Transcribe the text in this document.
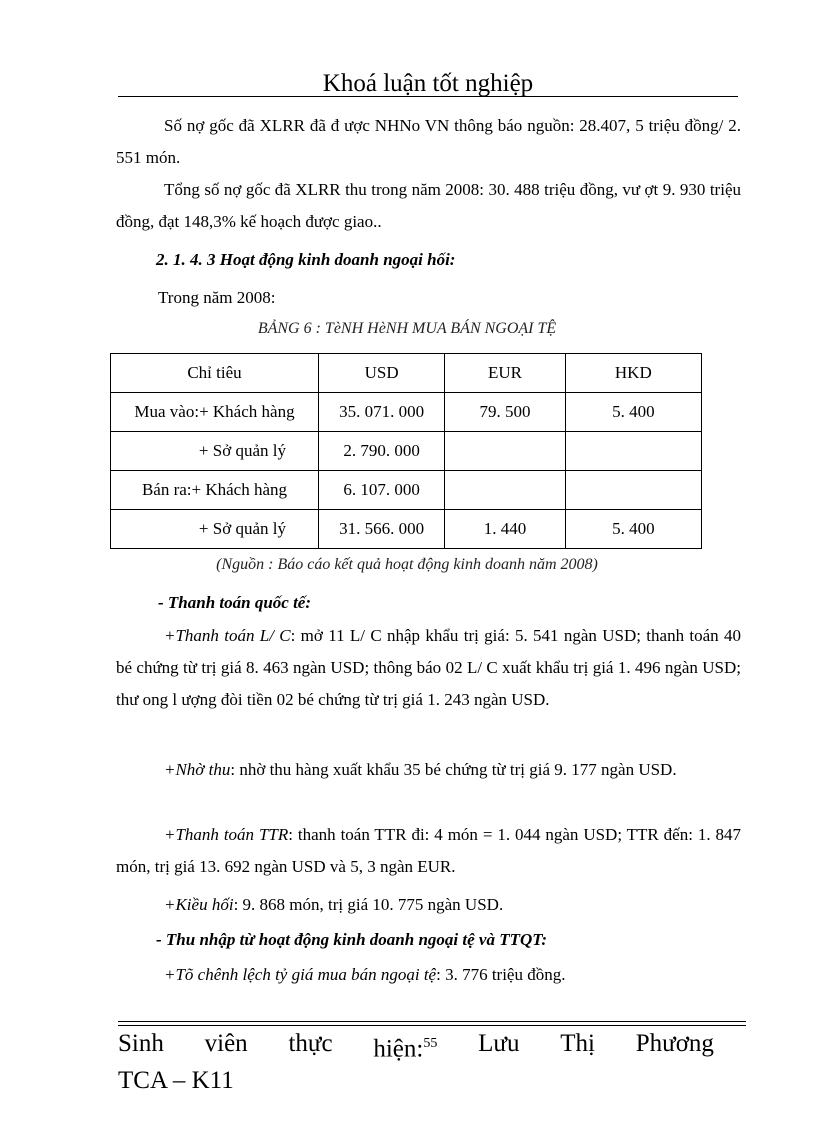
Khoá luận tốt nghiệp

Số nợ gốc đã XLRR đã đ ược NHNo VN thông báo nguồn: 28.407, 5 triệu đồng/ 2. 551 món.

Tổng số nợ gốc đã XLRR thu trong năm 2008: 30. 488 triệu đồng, vư ợt 9. 930 triệu đồng, đạt 148,3% kế hoạch được giao..

2. 1. 4. 3 Hoạt động kinh doanh ngoại hối:
Trong năm 2008:
BẢNG 6 : TèNH HèNH MUA BÁN NGOẠI TỆ
Chỉ tiêu	USD	EUR	HKD
Mua vào:+ Khách hàng	35. 071. 000	79. 500	5. 400
+ Sở quản lý	2. 790. 000		
Bán ra:+ Khách hàng	6. 107. 000		
+ Sở quản lý	31. 566. 000	1. 440	5. 400
(Nguồn : Báo cáo kết quả hoạt động kinh doanh năm 2008)
- Thanh toán quốc tế:

+Thanh toán L/ C: mở 11 L/ C nhập khẩu trị giá: 5. 541 ngàn USD; thanh toán 40 bé chứng từ trị giá 8. 463 ngàn USD; thông báo 02 L/ C xuất khẩu trị giá 1. 496 ngàn USD; thư ong l ượng đòi tiền 02 bé chứng từ trị giá 1. 243 ngàn USD.

+Nhờ thu: nhờ thu hàng xuất khẩu 35 bé chứng từ trị giá 9. 177 ngàn USD.

+Thanh toán TTR: thanh toán TTR đi: 4 món = 1. 044 ngàn USD; TTR đến: 1. 847 món, trị giá 13. 692 ngàn USD và 5, 3 ngàn EUR.

+Kiều hối: 9. 868 món, trị giá 10. 775 ngàn USD.

- Thu nhập từ hoạt động kinh doanh ngoại tệ và TTQT:

+Tõ chênh lệch tỷ giá mua bán ngoại tệ: 3. 776 triệu đồng.

Sinh viên thực hiện:$^{55}$ Lưu Thị Phương
TCA – K11
